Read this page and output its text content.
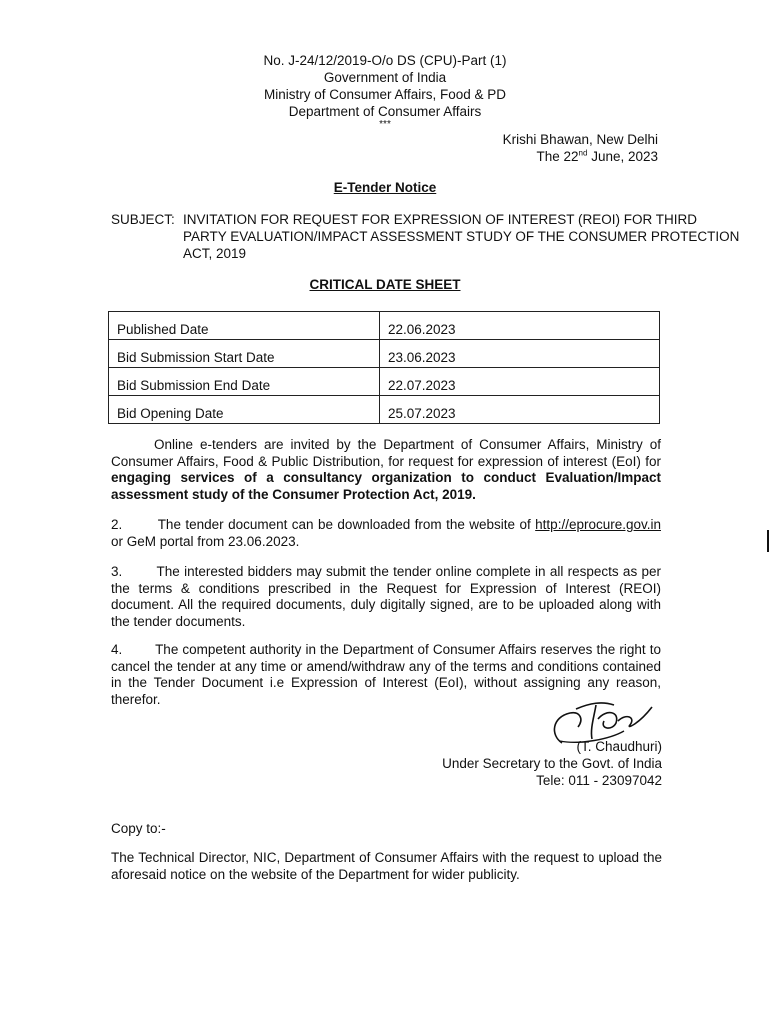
No. J-24/12/2019-O/o DS (CPU)-Part (1)
Government of India
Ministry of Consumer Affairs, Food & PD
Department of Consumer Affairs
***
Krishi Bhawan, New Delhi
The 22nd June, 2023
E-Tender Notice
SUBJECT: INVITATION FOR REQUEST FOR EXPRESSION OF INTEREST (REOI) FOR THIRD PARTY EVALUATION/IMPACT ASSESSMENT STUDY OF THE CONSUMER PROTECTION ACT, 2019
CRITICAL DATE SHEET
Published Date	22.06.2023
Bid Submission Start Date	23.06.2023
Bid Submission End Date	22.07.2023
Bid Opening Date	25.07.2023
Online e-tenders are invited by the Department of Consumer Affairs, Ministry of Consumer Affairs, Food & Public Distribution, for request for expression of interest (EoI) for engaging services of a consultancy organization to conduct Evaluation/Impact assessment study of the Consumer Protection Act, 2019.
2.	The tender document can be downloaded from the website of http://eprocure.gov.in or GeM portal from 23.06.2023.
3.	The interested bidders may submit the tender online complete in all respects as per the terms & conditions prescribed in the Request for Expression of Interest (REOI) document. All the required documents, duly digitally signed, are to be uploaded along with the tender documents.
4. The competent authority in the Department of Consumer Affairs reserves the right to cancel the tender at any time or amend/withdraw any of the terms and conditions contained in the Tender Document i.e Expression of Interest (EoI), without assigning any reason, therefor.
(T. Chaudhuri)
Under Secretary to the Govt. of India
Tele: 011 - 23097042
Copy to:-
The Technical Director, NIC, Department of Consumer Affairs with the request to upload the aforesaid notice on the website of the Department for wider publicity.
